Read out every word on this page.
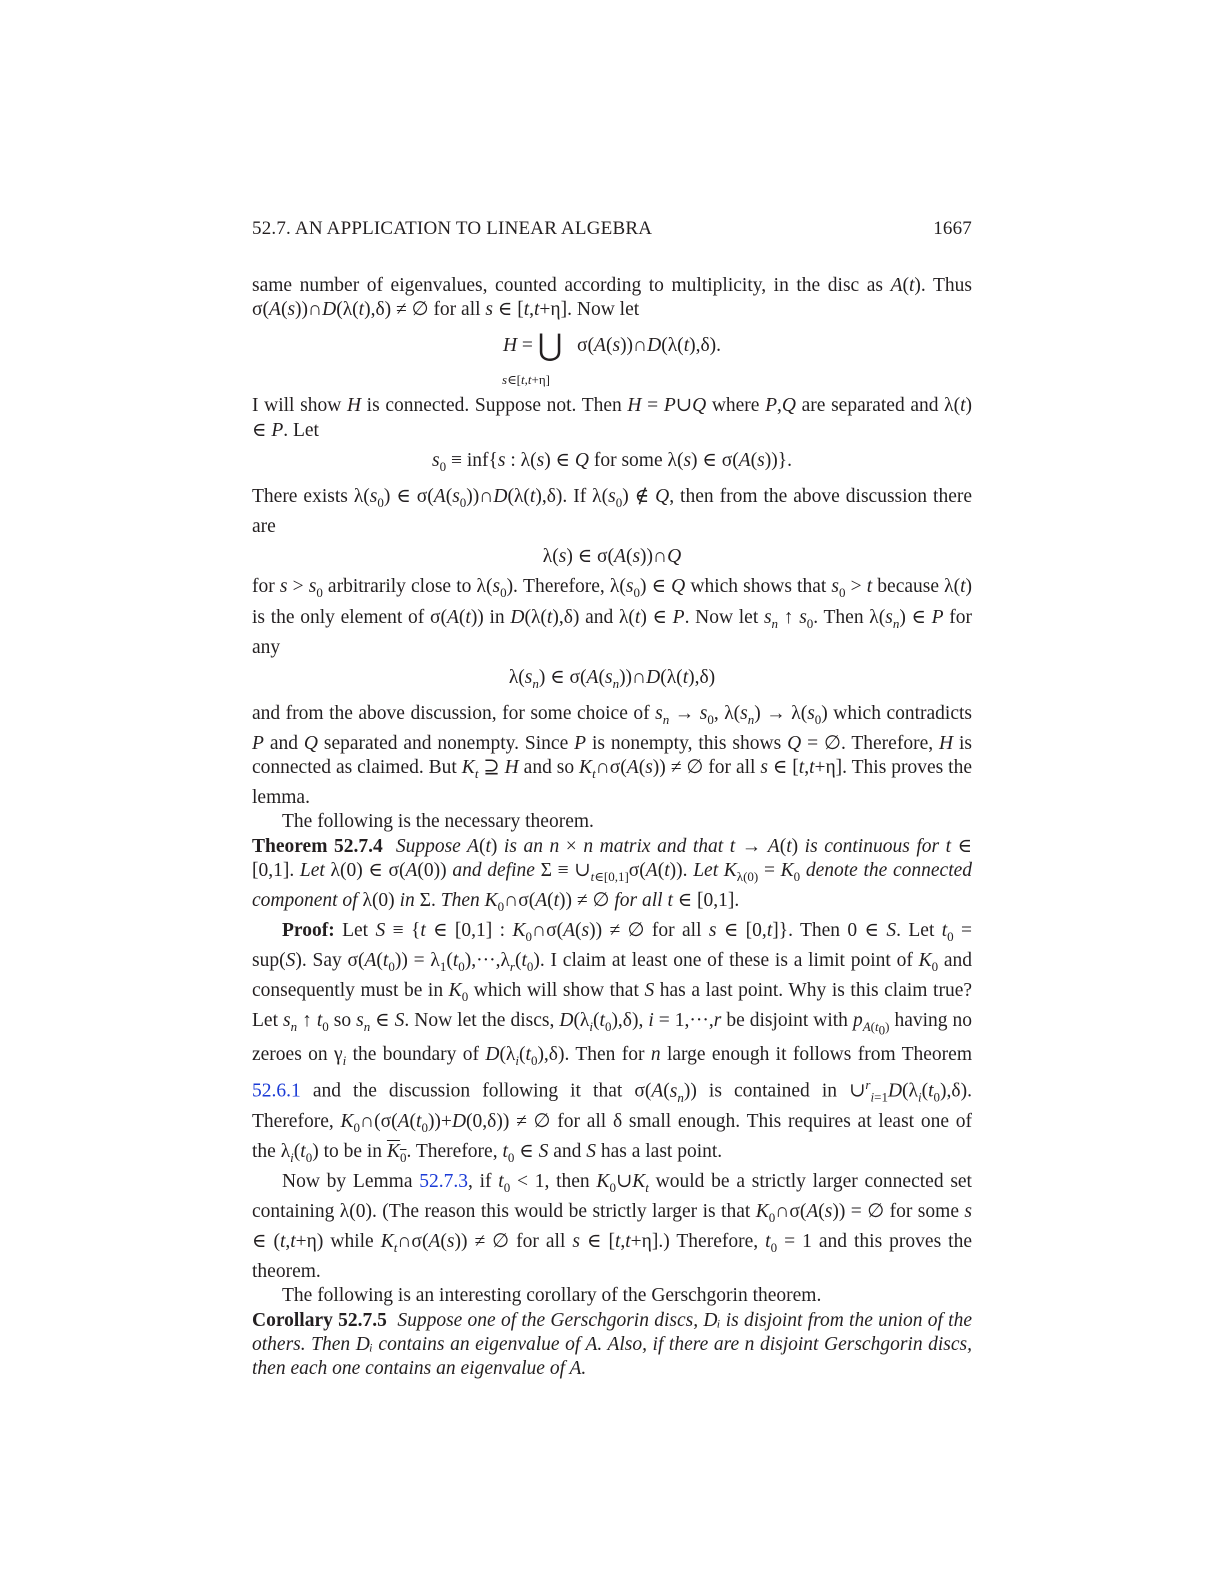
52.7. AN APPLICATION TO LINEAR ALGEBRA	1667

same number of eigenvalues, counted according to multiplicity, in the disc as A(t). Thus σ(A(s))∩D(λ(t),δ) ≠ ∅ for all s ∈ [t,t+η]. Now let

H = ⋃   σ(A(s))∩D(λ(t),δ).
s∈[t,t+η]

I will show H is connected. Suppose not. Then H = P∪Q where P,Q are separated and λ(t) ∈ P. Let

$s_0 \equiv inf\{s$ : λ(s) ∈ Q for some λ(s) ∈ σ(A(s))}.

There exists $\lambda(s_0)$ ∈ $\sigma(A(s_0))\cap D(\lambda(t),\delta)$. If $\lambda(s_0)$ ∉ Q, then from the above discussion there are

λ(s) ∈ σ(A(s))∩Q

for $s > s_0$ arbitrarily close to $\lambda(s_0)$. Therefore, $\lambda(s_0)$ ∈ Q which shows that $s_0 > t$ because λ(t) is the only element of σ(A(t)) in D(λ(t),δ) and λ(t) ∈ P. Now let $s_n$ ↑ $s_0$. Then $\lambda(s_n)$ ∈ P for any

$\lambda(s_n)$ ∈ $\sigma(A(s_n))\cap D(\lambda(t),\delta)$

and from the above discussion, for some choice of $s_n \to s_0$, $\lambda(s_n) \to \lambda(s_0)$ which contradicts P and Q separated and nonempty. Since P is nonempty, this shows Q = ∅. Therefore, H is connected as claimed. But $K_t$ ⊇ H and so $K_t\cap\sigma(A(s))$ ≠ ∅ for all s ∈ [t,t+η]. This proves the lemma.

The following is the necessary theorem.

Theorem 52.7.4 Suppose A(t) is an n × n matrix and that t → A(t) is continuous for t ∈ [0,1]. Let λ(0) ∈ σ(A(0)) and define $\Sigma \equiv \cup_{t\in[0,1]}\sigma(A(t))$. Let $K_{\lambda(0)} = K_0$ denote the connected component of λ(0) in Σ. Then $K_0\cap\sigma(A(t))$ ≠ ∅ for all t ∈ [0,1].

Proof: Let S ≡ {t ∈ [0,1] : $K_0\cap\sigma(A(s))$ ≠ ∅ for all s ∈ [0,t]}. Then 0 ∈ S. Let $t_0 = sup(S)$. Say $\sigma(A(t_0)) = \lambda_1(t_0),\cdot\cdot\cdot,\lambda_r(t_0)$. I claim at least one of these is a limit point of $K_0$ and consequently must be in $K_0$ which will show that S has a last point. Why is this claim true? Let $s_n$ ↑ $t_0$ so $s_n$ ∈ S. Now let the discs, $D(\lambda_i(t_0),\delta)$, i = 1,···,r be disjoint with $p_{A(t_0)}$ having no zeroes on $\gamma_i$ the boundary of $D(\lambda_i(t_0),\delta)$. Then for n large enough it follows from Theorem 52.6.1 and the discussion following it that $\sigma(A(s_n))$ is contained in $\cup^r_{i=1}D(\lambda_i(t_0),\delta)$. Therefore, $K_0\cap(\sigma(A(t_0))+D(0,\delta))$ ≠ ∅ for all δ small enough. This requires at least one of the $\lambda_i(t_0)$ to be in $K_0$. Therefore, $t_0$ ∈ S and S has a last point.

Now by Lemma 52.7.3, if $t_0 < 1$, then $K_0\cup K_t$ would be a strictly larger connected set containing λ(0). (The reason this would be strictly larger is that $K_0\cap\sigma(A(s))$ = ∅ for some s ∈ (t,t+η) while $K_t\cap\sigma(A(s))$ ≠ ∅ for all s ∈ [t,t+η].) Therefore, $t_0 = 1$ and this proves the theorem.

The following is an interesting corollary of the Gerschgorin theorem.

Corollary 52.7.5 Suppose one of the Gerschgorin discs, Dᵢ is disjoint from the union of the others. Then Dᵢ contains an eigenvalue of A. Also, if there are n disjoint Gerschgorin discs, then each one contains an eigenvalue of A.
